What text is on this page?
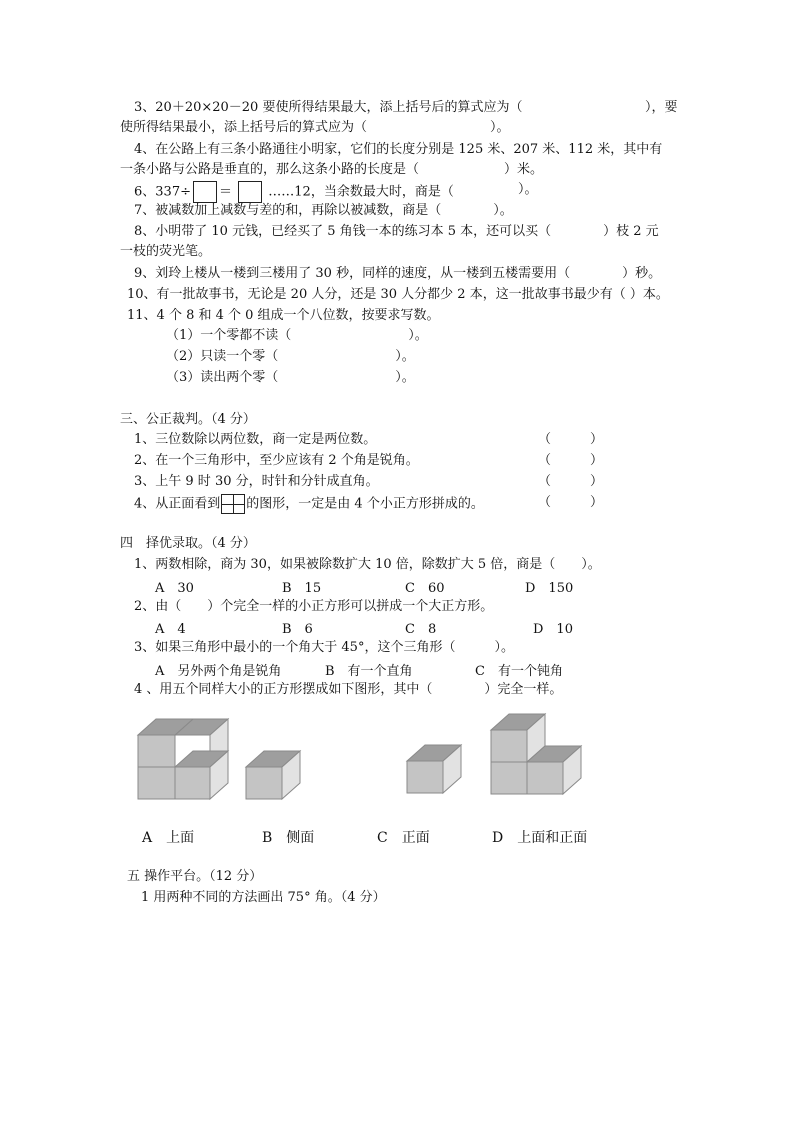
3、20＋20×20－20 要使所得结果最大，添上括号后的算式应为（	），要
使所得结果最小，添上括号后的算式应为（	）。
4、在公路上有三条小路通往小明家，它们的长度分别是 125 米、207 米、112 米，其中有
一条小路与公路是垂直的，那么这条小路的长度是（	）米。
6、337÷ ＝	……12，当余数最大时，商是（	）。
7、被减数加上减数与差的和，再除以被减数，商是（　　　　）。
8、小明带了 10 元钱，已经买了 5 角钱一本的练习本 5 本，还可以买（　　　　）枝 2 元
一枝的荧光笔。
9、刘玲上楼从一楼到三楼用了 30 秒，同样的速度，从一楼到五楼需要用（　　　　）秒。
10、有一批故事书，无论是 20 人分，还是 30 人分都少 2 本，这一批故事书最少有（ ）本。
11、4 个 8 和 4 个 0 组成一个八位数，按要求写数。
（1）一个零都不读（　　　　　　　　　）。
（2）只读一个零（　　　　　　　　　）。
（3）读出两个零（　　　　　　　　　）。
三、公正裁判。（4 分）
1、三位数除以两位数，商一定是两位数。	（　　　）
2、在一个三角形中，至少应该有 2 个角是锐角。	（　　　）
3、上午 9 时 30 分，时针和分针成直角。	（　　　）
4、从正面看到 的图形，一定是由 4 个小正方形拼成的。	（　　　）
四　择优录取。（4 分）
1、两数相除，商为 30，如果被除数扩大 10 倍，除数扩大 5 倍，商是（　　）。
A　30	B　15	C　60	D　150
2、由（　　）个完全一样的小正方形可以拼成一个大正方形。
A　4	B　6	C　8	D　10
3、如果三角形中最小的一个角大于 45°，这个三角形（　　　）。
A　另外两个角是锐角	B　有一个直角	C　有一个钝角
4 、用五个同样大小的正方形摆成如下图形，其中（　　　　）完全一样。
A　上面	B　侧面	C　正面	D　上面和正面
五 操作平台。（12 分）
1 用两种不同的方法画出 75° 角。（4 分）
